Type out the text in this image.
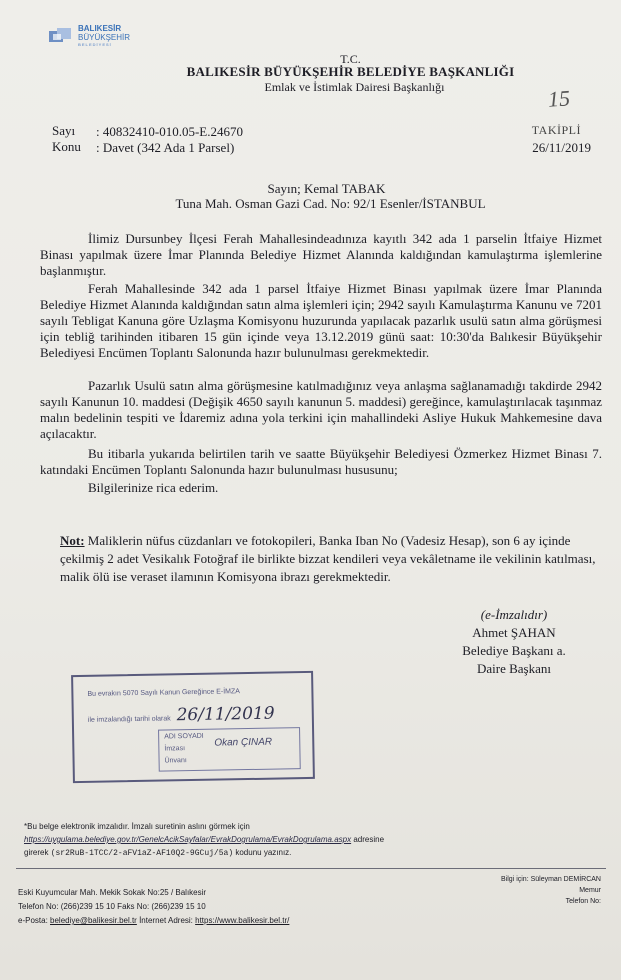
BALIKESİR
BÜYÜKŞEHİR
BELEDİYESİ
T.C.
BALIKESİR BÜYÜKŞEHİR BELEDİYE BAŞKANLIĞI
Emlak ve İstimlak Dairesi Başkanlığı	15
Sayı : 40832410-010.05-E.24670
Konu : Davet (342 Ada 1 Parsel)
TAKİPLİ
26/11/2019
Sayın; Kemal TABAK
Tuna Mah. Osman Gazi Cad. No: 92/1 Esenler/İSTANBUL

İlimiz Dursunbey İlçesi Ferah Mahallesindeadınıza kayıtlı 342 ada 1 parselin İtfaiye Hizmet Binası yapılmak üzere İmar Planında Belediye Hizmet Alanında kaldığından kamulaştırma işlemlerine başlanmıştır.

Ferah Mahallesinde 342 ada 1 parsel İtfaiye Hizmet Binası yapılmak üzere İmar Planında Belediye Hizmet Alanında kaldığından satın alma işlemleri için; 2942 sayılı Kamulaştırma Kanunu ve 7201 sayılı Tebligat Kanuna göre Uzlaşma Komisyonu huzurunda yapılacak pazarlık usulü satın alma görüşmesi için tebliğ tarihinden itibaren 15 gün içinde veya 13.12.2019 günü saat: 10:30'da Balıkesir Büyükşehir Belediyesi Encümen Toplantı Salonunda hazır bulunulması gerekmektedir.

Pazarlık Usulü satın alma görüşmesine katılmadığınız veya anlaşma sağlanamadığı takdirde 2942 sayılı Kanunun 10. maddesi (Değişik 4650 sayılı kanunun 5. maddesi) gereğince, kamulaştırılacak taşınmaz malın bedelinin tespiti ve İdaremiz adına yola terkini için mahallindeki Asliye Hukuk Mahkemesine dava açılacaktır.

Bu itibarla yukarıda belirtilen tarih ve saatte Büyükşehir Belediyesi Özmerkez Hizmet Binası 7. katındaki Encümen Toplantı Salonunda hazır bulunulması hususunu;

Bilgilerinize rica ederim.

Not: Maliklerin nüfus cüzdanları ve fotokopileri, Banka Iban No (Vadesiz Hesap), son 6 ay içinde çekilmiş 2 adet Vesikalık Fotoğraf ile birlikte bizzat kendileri veya vekâletname ile vekilinin katılması, malik ölü ise veraset ilamının Komisyona ibrazı gerekmektedir.
(e-İmzalıdır)
Ahmet ŞAHAN
Belediye Başkanı a.
Daire Başkanı
Bu evrakın 5070 Sayılı Kanun Gereğince E-İMZA
ile imzalandığı tarihi olarak 26/11/2019
ADI SOYADI
İmzası
Ünvanı
Okan ÇINAR
*Bu belge elektronik imzalıdır. İmzalı suretinin aslını görmek için
https://uygulama.belediye.gov.tr/GenelcAcikSayfalar/EvrakDogrulama/EvrakDogrulama.aspx adresine
girerek (sr2RuB-1TCC/2-aFV1aZ-AF10Q2-9GCuj/5a) kodunu yazınız.
Eski Kuyumcular Mah. Mekik Sokak No:25 / Balıkesir
Telefon No: (266)239 15 10 Faks No: (266)239 15 10
e-Posta: belediye@balikesir.bel.tr İnternet Adresi: https://www.balikesir.bel.tr/
Bilgi için: Süleyman DEMİRCAN
Memur
Telefon No:
